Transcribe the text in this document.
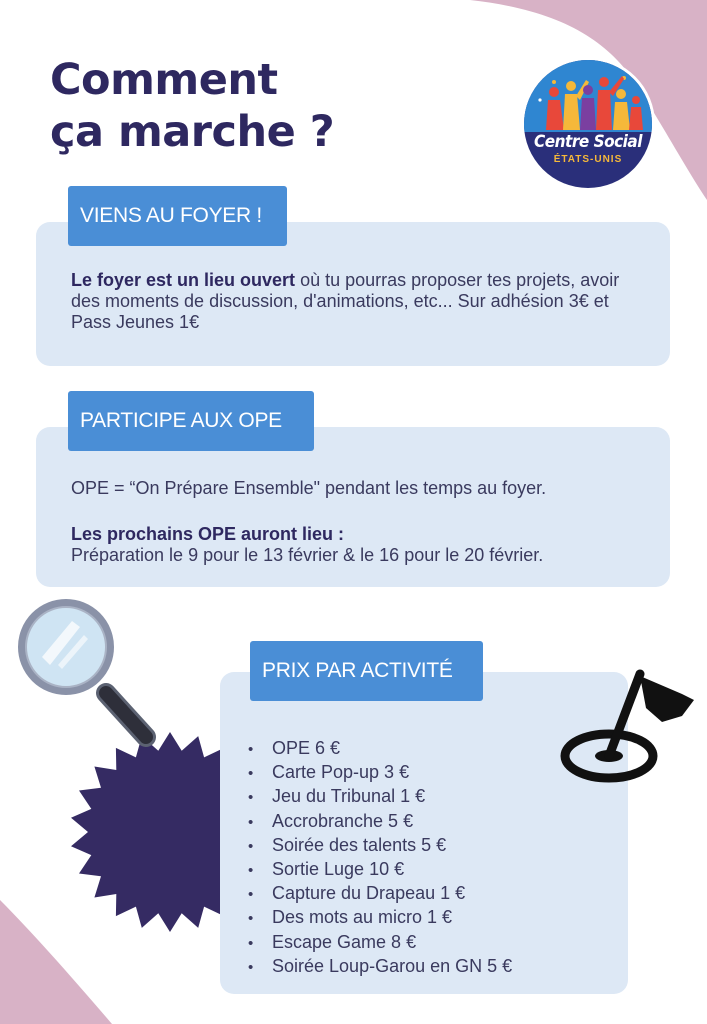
Comment
ça marche ?	Centre Social
ÉTATS-UNIS
VIENS AU FOYER !

Le foyer est un lieu ouvert où tu pourras proposer tes projets, avoir des moments de discussion, d'animations, etc... Sur adhésion 3€ et Pass Jeunes 1€

PARTICIPE AUX OPE

OPE = “On Prépare Ensemble" pendant les temps au foyer.

Les prochains OPE auront lieu :
Préparation le 9 pour le 13 février & le 16 pour le 20 février.

PRIX PAR ACTIVITÉ
• OPE 6 €
• Carte Pop-up 3 €
• Jeu du Tribunal 1 €
• Accrobranche 5 €
• Soirée des talents 5 €
• Sortie Luge 10 €
• Capture du Drapeau 1 €
• Des mots au micro 1 €
• Escape Game 8 €
• Soirée Loup-Garou en GN 5 €
